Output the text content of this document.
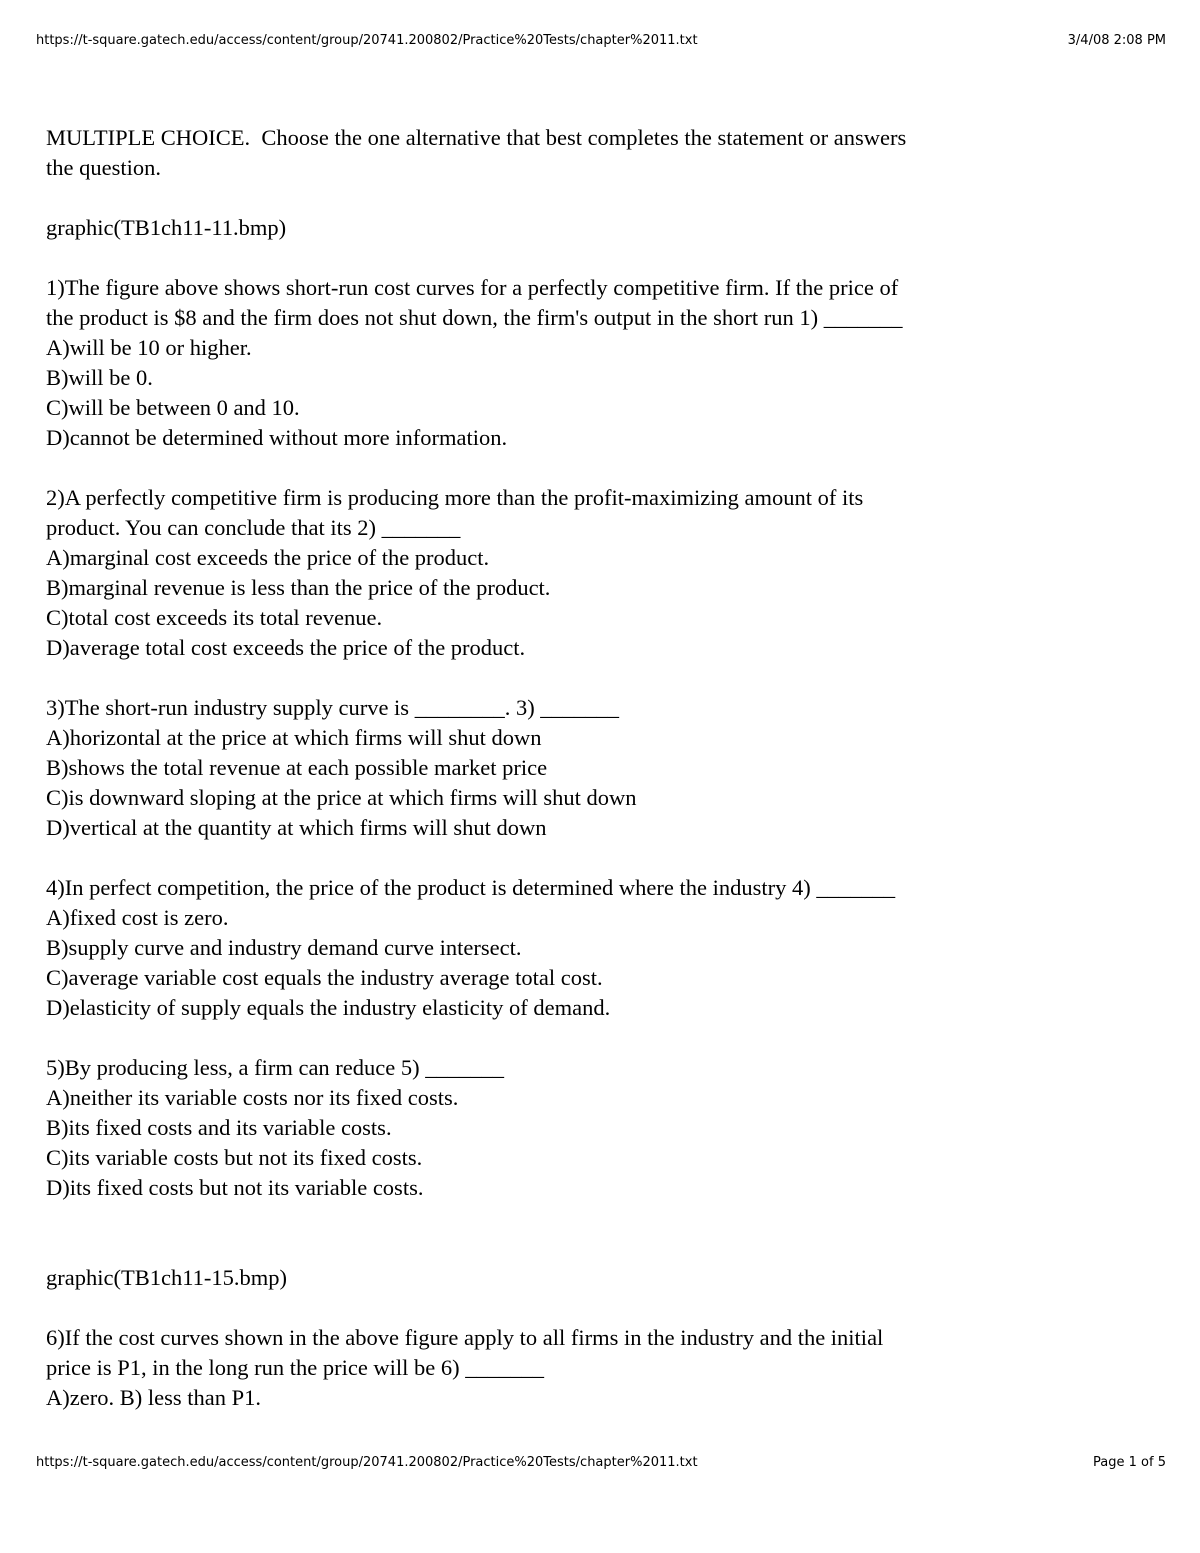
https://t-square.gatech.edu/access/content/group/20741.200802/Practice%20Tests/chapter%2011.txt	3/4/08 2:08 PM
MULTIPLE CHOICE.  Choose the one alternative that best completes the statement or answers
the question.
graphic(TB1ch11-11.bmp)
1)The figure above shows short-run cost curves for a perfectly competitive firm. If the price of
the product is $8 and the firm does not shut down, the firm's output in the short run 1) _______
A)will be 10 or higher.
B)will be 0.
C)will be between 0 and 10.
D)cannot be determined without more information.
2)A perfectly competitive firm is producing more than the profit-maximizing amount of its
product. You can conclude that its 2) _______
A)marginal cost exceeds the price of the product.
B)marginal revenue is less than the price of the product.
C)total cost exceeds its total revenue.
D)average total cost exceeds the price of the product.
3)The short-run industry supply curve is ________. 3) _______
A)horizontal at the price at which firms will shut down
B)shows the total revenue at each possible market price
C)is downward sloping at the price at which firms will shut down
D)vertical at the quantity at which firms will shut down
4)In perfect competition, the price of the product is determined where the industry 4) _______
A)fixed cost is zero.
B)supply curve and industry demand curve intersect.
C)average variable cost equals the industry average total cost.
D)elasticity of supply equals the industry elasticity of demand.
5)By producing less, a firm can reduce 5) _______
A)neither its variable costs nor its fixed costs.
B)its fixed costs and its variable costs.
C)its variable costs but not its fixed costs.
D)its fixed costs but not its variable costs.
graphic(TB1ch11-15.bmp)
6)If the cost curves shown in the above figure apply to all firms in the industry and the initial
price is P1, in the long run the price will be 6) _______
A)zero. B) less than P1.
https://t-square.gatech.edu/access/content/group/20741.200802/Practice%20Tests/chapter%2011.txt	Page 1 of 5
